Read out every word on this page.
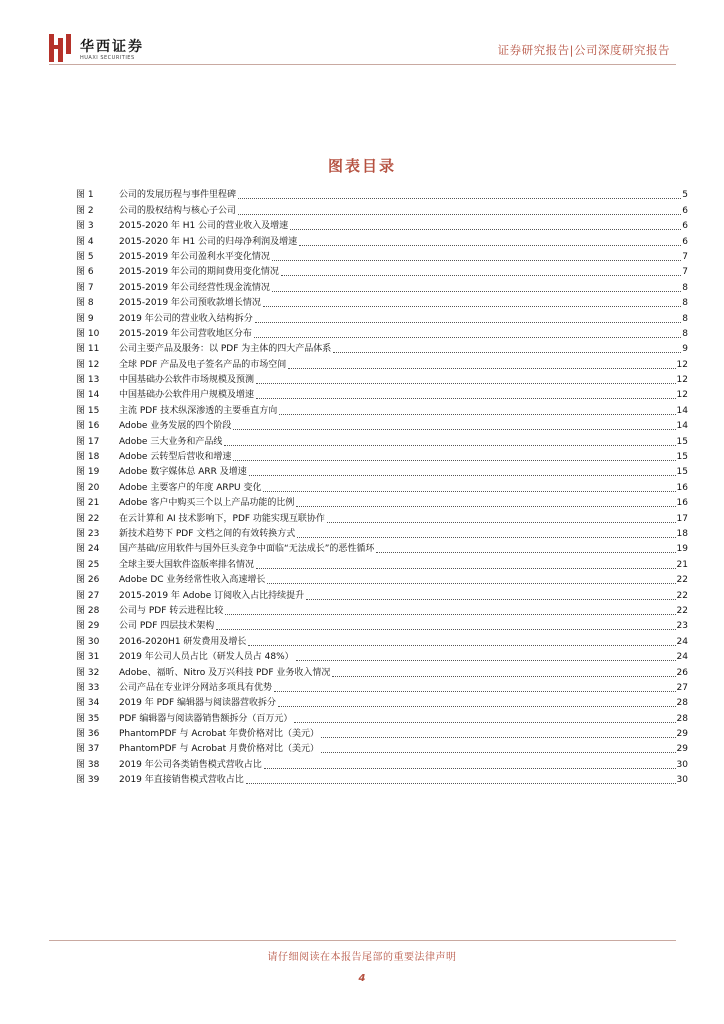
华西证券
HUAXI SECURITIES
证券研究报告|公司深度研究报告
图表目录
图 1	公司的发展历程与事件里程碑	5
图 2	公司的股权结构与核心子公司	6
图 3	2015-2020 年 H1 公司的营业收入及增速	6
图 4	2015-2020 年 H1 公司的归母净利润及增速	6
图 5	2015-2019 年公司盈利水平变化情况	7
图 6	2015-2019 年公司的期间费用变化情况	7
图 7	2015-2019 年公司经营性现金流情况	8
图 8	2015-2019 年公司预收款增长情况	8
图 9	2019 年公司的营业收入结构拆分	8
图 10	2015-2019 年公司营收地区分布	8
图 11	公司主要产品及服务：以 PDF 为主体的四大产品体系	9
图 12	全球 PDF 产品及电子签名产品的市场空间	12
图 13	中国基础办公软件市场规模及预测	12
图 14	中国基础办公软件用户规模及增速	12
图 15	主流 PDF 技术纵深渗透的主要垂直方向	14
图 16	Adobe 业务发展的四个阶段	14
图 17	Adobe 三大业务和产品线	15
图 18	Adobe 云转型后营收和增速	15
图 19	Adobe 数字媒体总 ARR 及增速	15
图 20	Adobe 主要客户的年度 ARPU 变化	16
图 21	Adobe 客户中购买三个以上产品功能的比例	16
图 22	在云计算和 AI 技术影响下，PDF 功能实现互联协作	17
图 23	新技术趋势下 PDF 文档之间的有效转换方式	18
图 24	国产基础/应用软件与国外巨头竞争中面临“无法成长”的恶性循环	19
图 25	全球主要大国软件盗版率排名情况	21
图 26	Adobe DC 业务经常性收入高速增长	22
图 27	2015-2019 年 Adobe 订阅收入占比持续提升	22
图 28	公司与 PDF 转云进程比较	22
图 29	公司 PDF 四层技术架构	23
图 30	2016-2020H1 研发费用及增长	24
图 31	2019 年公司人员占比（研发人员占 48%）	24
图 32	Adobe、福昕、Nitro 及万兴科技 PDF 业务收入情况	26
图 33	公司产品在专业评分网站多项具有优势	27
图 34	2019 年 PDF 编辑器与阅读器营收拆分	28
图 35	PDF 编辑器与阅读器销售额拆分（百万元）	28
图 36	PhantomPDF 与 Acrobat 年费价格对比（美元）	29
图 37	PhantomPDF 与 Acrobat 月费价格对比（美元）	29
图 38	2019 年公司各类销售模式营收占比	30
图 39	2019 年直接销售模式营收占比	30
请仔细阅读在本报告尾部的重要法律声明
4
